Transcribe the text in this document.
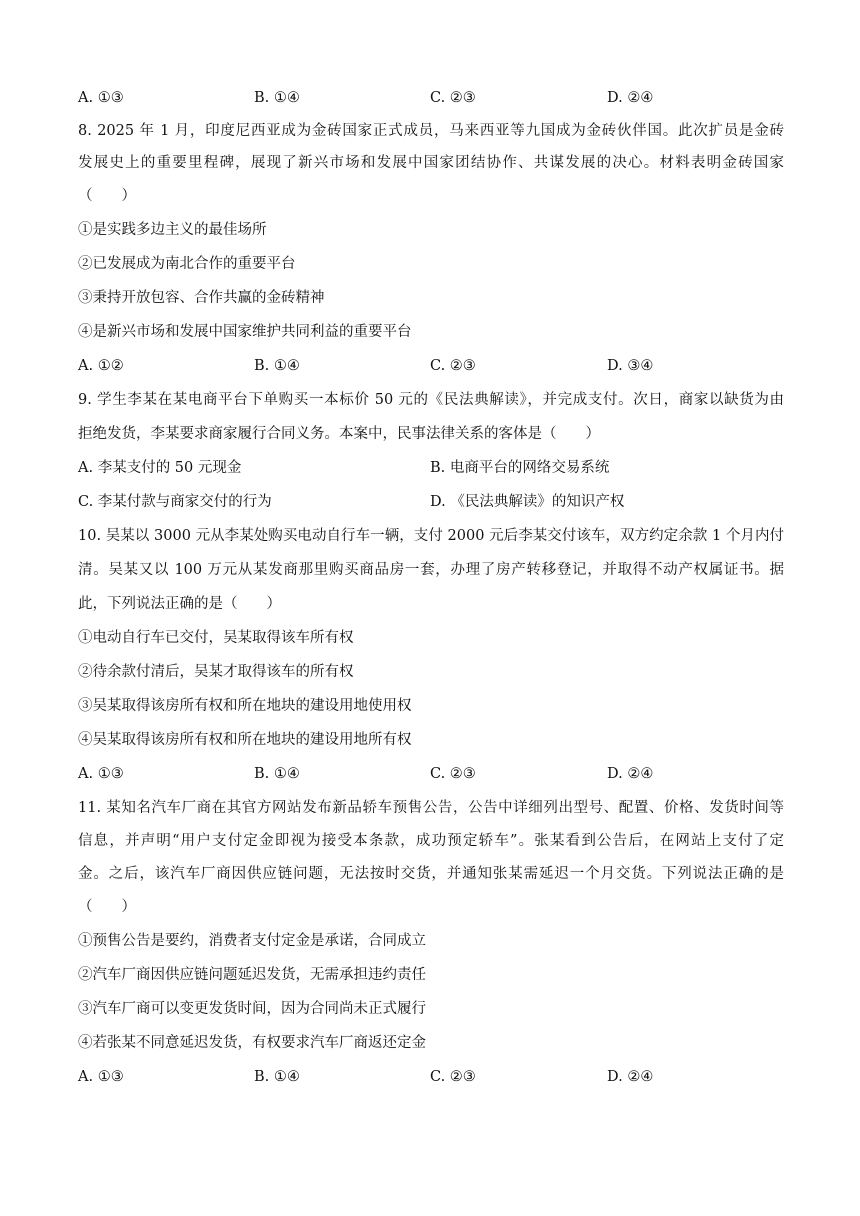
A. ①③	B. ①④	C. ②③	D. ②④
8. 2025 年 1 月，印度尼西亚成为金砖国家正式成员，马来西亚等九国成为金砖伙伴国。此次扩员是金砖
发展史上的重要里程碑，展现了新兴市场和发展中国家团结协作、共谋发展的决心。材料表明金砖国家
（　　）
①是实践多边主义的最佳场所
②已发展成为南北合作的重要平台
③秉持开放包容、合作共赢的金砖精神
④是新兴市场和发展中国家维护共同利益的重要平台
A. ①②	B. ①④	C. ②③	D. ③④
9. 学生李某在某电商平台下单购买一本标价 50 元的《民法典解读》，并完成支付。次日，商家以缺货为由
拒绝发货，李某要求商家履行合同义务。本案中，民事法律关系的客体是（　　）
A. 李某支付的 50 元现金	B. 电商平台的网络交易系统
C. 李某付款与商家交付的行为	D. 《民法典解读》的知识产权
10. 吴某以 3000 元从李某处购买电动自行车一辆，支付 2000 元后李某交付该车，双方约定余款 1 个月内付
清。吴某又以 100 万元从某发商那里购买商品房一套，办理了房产转移登记，并取得不动产权属证书。据
此，下列说法正确的是（　　）
①电动自行车已交付，吴某取得该车所有权
②待余款付清后，吴某才取得该车的所有权
③吴某取得该房所有权和所在地块的建设用地使用权
④吴某取得该房所有权和所在地块的建设用地所有权
A. ①③	B. ①④	C. ②③	D. ②④
11. 某知名汽车厂商在其官方网站发布新品轿车预售公告，公告中详细列出型号、配置、价格、发货时间等
信息，并声明“用户支付定金即视为接受本条款，成功预定轿车”。张某看到公告后，在网站上支付了定
金。之后，该汽车厂商因供应链问题，无法按时交货，并通知张某需延迟一个月交货。下列说法正确的是
（　　）
①预售公告是要约，消费者支付定金是承诺，合同成立
②汽车厂商因供应链问题延迟发货，无需承担违约责任
③汽车厂商可以变更发货时间，因为合同尚未正式履行
④若张某不同意延迟发货，有权要求汽车厂商返还定金
A. ①③	B. ①④	C. ②③	D. ②④
